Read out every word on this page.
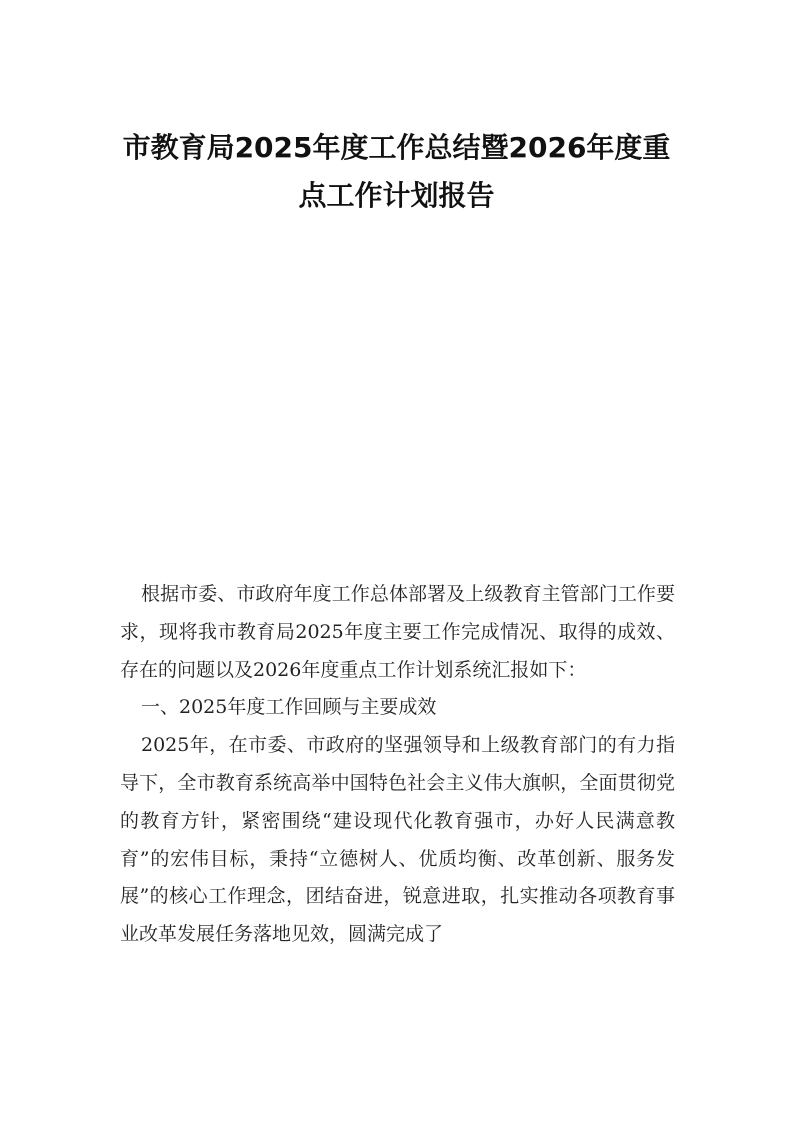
市教育局2025年度工作总结暨2026年度重
点工作计划报告

根据市委、市政府年度工作总体部署及上级教育主管部门工作要求，现将我市教育局2025年度主要工作完成情况、取得的成效、存在的问题以及2026年度重点工作计划系统汇报如下：

一、2025年度工作回顾与主要成效

2025年，在市委、市政府的坚强领导和上级教育部门的有力指导下，全市教育系统高举中国特色社会主义伟大旗帜，全面贯彻党的教育方针，紧密围绕“建设现代化教育强市，办好人民满意教育”的宏伟目标，秉持“立德树人、优质均衡、改革创新、服务发展”的核心工作理念，团结奋进，锐意进取，扎实推动各项教育事业改革发展任务落地见效，圆满完成了
